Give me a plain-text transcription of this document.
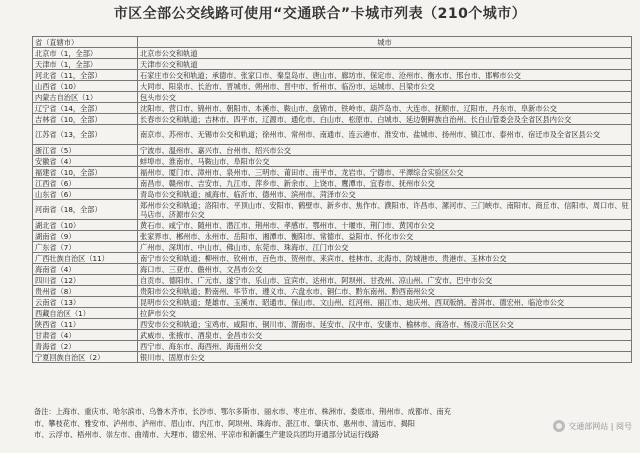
市区全部公交线路可使用“交通联合”卡城市列表（210个城市）
省（直辖市）	城市
北京市（1，全部）	北京市公交和轨道
天津市（1，全部）	天津市公交和轨道
河北省（11，全部）	石家庄市公交和轨道；承德市、张家口市、秦皇岛市、唐山市、廊坊市、保定市、沧州市、衡水市、邢台市、邯郸市公交
山西省（10）	大同市、阳泉市、长治市、晋城市、朔州市、晋中市、忻州市、临汾市、运城市、吕梁市公交
内蒙古自治区（1）	包头市公交
辽宁省（14，全部）	沈阳市、营口市、锦州市、朝阳市、本溪市、鞍山市、盘锦市、铁岭市、葫芦岛市、大连市、抚顺市、辽阳市、丹东市、阜新市公交
吉林省（10，全部）	长春市公交和轨道；吉林市、四平市、辽源市、通化市、白山市、松原市、白城市、延边朝鲜族自治州、长白山管委会及全省区县内公交
江苏省（13，全部）	南京市、苏州市、无锡市公交和轨道；徐州市、常州市、南通市、连云港市、淮安市、盐城市、扬州市、镇江市、泰州市、宿迁市及全省区县公交
浙江省（5）	宁波市、温州市、嘉兴市、台州市、绍兴市公交
安徽省（4）	蚌埠市、淮南市、马鞍山市、阜阳市公交
福建省（10，全部）	福州市、厦门市、漳州市、泉州市、三明市、莆田市、南平市、龙岩市、宁德市、平潭综合实验区公交
江西省（6）	南昌市、赣州市、吉安市、九江市、萍乡市、新余市、上饶市、鹰潭市、宜春市、抚州市公交
山东省（6）	青岛市公交和轨道；威海市、临沂市、德州市、滨州市、菏泽市公交
河南省（18，全部）	郑州市公交和轨道；洛阳市、平顶山市、安阳市、鹤壁市、新乡市、焦作市、濮阳市、许昌市、漯河市、三门峡市、南阳市、商丘市、信阳市、周口市、驻马店市、济源市公交
湖北省（10）	黄石市、咸宁市、随州市、潜江市、荆州市、孝感市、鄂州市、十堰市、荆门市、黄冈市公交
湖南省（9）	张家界市、郴州市、永州市、岳阳市、湘潭市、衡阳市、常德市、益阳市、怀化市公交
广东省（7）	广州市、深圳市、中山市、佛山市、东莞市、珠海市、江门市公交
广西壮族自治区（11）	南宁市公交和轨道；柳州市、钦州市、百色市、贺州市、来宾市、桂林市、北海市、防城港市、贵港市、玉林市公交
海南省（4）	海口市、三亚市、儋州市、文昌市公交
四川省（12）	自贡市、德阳市、广元市、遂宁市、乐山市、宜宾市、达州市、阿坝州、甘孜州、凉山州、广安市、巴中市公交
贵州省（8）	贵阳市公交和轨道；黔南州、毕节市、遵义市、六盘水市、铜仁市、黔东南州、黔西南州公交
云南省（13）	昆明市公交和轨道；楚雄市、玉溪市、昭通市、保山市、文山州、红河州、丽江市、迪庆州、西双版纳、普洱市、德宏州、临沧市公交
西藏自治区（1）	拉萨市公交
陕西省（11）	西安市公交和轨道；宝鸡市、咸阳市、铜川市、渭南市、延安市、汉中市、安康市、榆林市、商洛市、杨凌示范区公交
甘肃省（4）	武威市、张掖市、酒泉市、金昌市公交
青海省（2）	西宁市、海东市、海西州、海南州公交
宁夏回族自治区（2）	银川市、固原市公交
备注：上海市、重庆市、哈尔滨市、乌鲁木齐市、长沙市、鄂尔多斯市、丽水市、枣庄市、株洲市、娄底市、荆州市、成都市、南充
市、攀枝花市、雅安市、泸州市、泸州市、眉山市、内江市、阿坝州、珠海市、湛江市、肇庆市、惠州市、清远市、揭阳
市、云浮市、梧州市、崇左市、曲靖市、大理市、德宏州、平凉市和新疆生产建设兵团均开通部分试运行线路
交通部网站 | 阅号
